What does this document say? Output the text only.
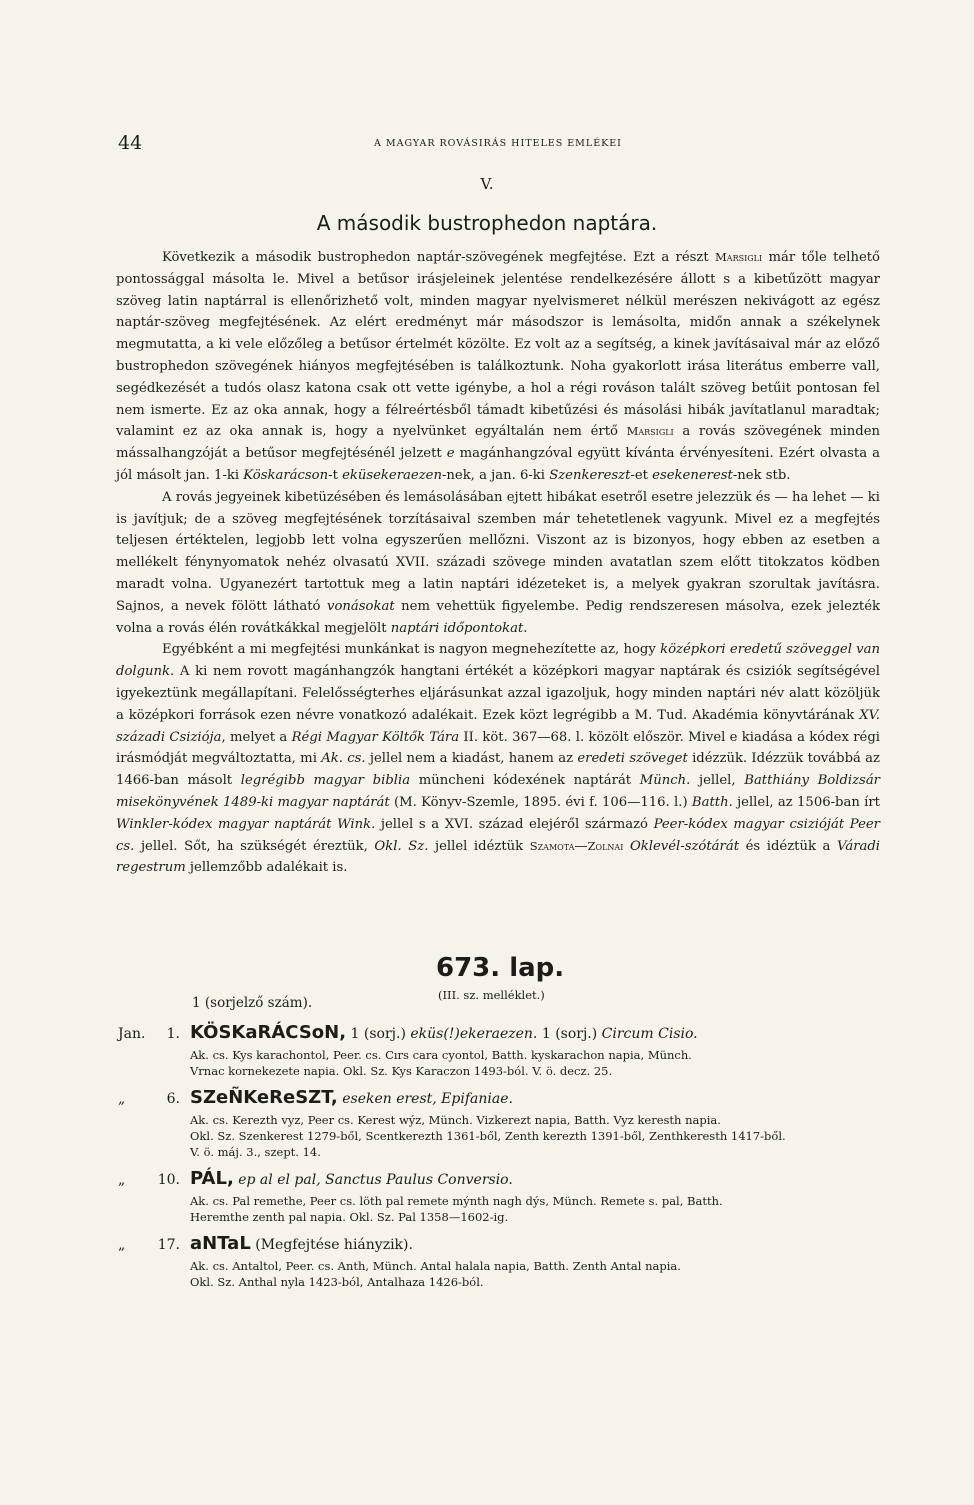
44	A MAGYAR ROVÁSIRÁS HITELES EMLÉKEI
V.
A második bustrophedon naptára.

Következik a második bustrophedon naptár-szövegének megfejtése. Ezt a részt Marsigli már tőle telhető pontossággal másolta le. Mivel a betűsor irásjeleinek jelentése rendelkezésére állott s a kibetűzött magyar szöveg latin naptárral is ellenőrizhető volt, minden magyar nyelvismeret nélkül merészen nekivágott az egész naptár-szöveg megfejtésének. Az elért eredményt már másodszor is lemásolta, midőn annak a székelynek megmutatta, a ki vele előzőleg a betűsor értelmét közölte. Ez volt az a segítség, a kinek javításaival már az előző bustrophedon szövegének hiányos megfejtésében is találkoztunk. Noha gyakorlott irása literátus emberre vall, segédkezését a tudós olasz katona csak ott vette igénybe, a hol a régi rováson talált szöveg betűit pontosan fel nem ismerte. Ez az oka annak, hogy a félreértésből támadt kibetűzési és másolási hibák javítatlanul maradtak; valamint ez az oka annak is, hogy a nyelvünket egyáltalán nem értő Marsigli a rovás szövegének minden mássalhangzóját a betűsor megfejtésénél jelzett e magánhangzóval együtt kívánta érvényesíteni. Ezért olvasta a jól másolt jan. 1-ki Köskarácson-t eküsekeraezen-nek, a jan. 6-ki Szenkereszt-et esekenerest-nek stb.

A rovás jegyeinek kibetüzésében és lemásolásában ejtett hibákat esetről esetre jelezzük és — ha lehet — ki is javítjuk; de a szöveg megfejtésének torzításaival szemben már tehetetlenek vagyunk. Mivel ez a megfejtés teljesen értéktelen, legjobb lett volna egyszerűen mellőzni. Viszont az is bizonyos, hogy ebben az esetben a mellékelt fénynyomatok nehéz olvasatú XVII. századi szövege minden avatatlan szem előtt titokzatos ködben maradt volna. Ugyanezért tartottuk meg a latin naptári idézeteket is, a melyek gyakran szorultak javításra. Sajnos, a nevek fölött látható vonásokat nem vehettük figyelembe. Pedig rendszeresen másolva, ezek jelezték volna a rovás élén rovátkákkal megjelölt naptári időpontokat.

Egyébként a mi megfejtési munkánkat is nagyon megnehezítette az, hogy középkori eredetű szöveggel van dolgunk. A ki nem rovott magánhangzók hangtani értékét a középkori magyar naptárak és csiziók segítségével igyekeztünk megállapítani. Felelősségterhes eljárásunkat azzal igazoljuk, hogy minden naptári név alatt közöljük a középkori források ezen névre vonatkozó adalékait. Ezek közt legrégibb a M. Tud. Akadémia könyvtárának XV. századi Csiziója, melyet a Régi Magyar Költők Tára II. köt. 367—68. l. közölt először. Mivel e kiadása a kódex régi irásmódját megváltoztatta, mi Ak. cs. jellel nem a kiadást, hanem az eredeti szöveget idézzük. Idézzük továbbá az 1466-ban másolt legrégibb magyar biblia müncheni kódexének naptárát Münch. jellel, Batthiány Boldizsár misekönyvének 1489-ki magyar naptárát (M. Könyv-Szemle, 1895. évi f. 106—116. l.) Batth. jellel, az 1506-ban írt Winkler-kódex magyar naptárát Wink. jellel s a XVI. század elejéről származó Peer-kódex magyar csizióját Peer cs. jellel. Sőt, ha szükségét éreztük, Okl. Sz. jellel idéztük Szamota—Zolnai Oklevél-szótárát és idéztük a Váradi regestrum jellemzőbb adalékait is.

673. lap.
(III. sz. melléklet.)
1 (sorjelző szám).
Jan.	1. KÖSKaRÁCSoN, 1 (sorj.) eküs(!)ekeraezen. 1 (sorj.) Circum Cisio.
Ak. cs. Kys karachontol, Peer. cs. Cırs cara cyontol, Batth. kyskarachon napia, Münch.
Vrnac kornekezete napia. Okl. Sz. Kys Karaczon 1493-ból. V. ö. decz. 25.
„	6. SZeÑKeReSZT, eseken erest, Epifaniae.
Ak. cs. Kerezth vyz, Peer cs. Kerest wýz, Münch. Vizkerezt napia, Batth. Vyz keresth napia.
Okl. Sz. Szenkerest 1279-ből, Scentkerezth 1361-ből, Zenth kerezth 1391-ből, Zenthkeresth 1417-ből.
V. ö. máj. 3., szept. 14.
„	10. PÁL, ep al el pal, Sanctus Paulus Conversio.
Ak. cs. Pal remethe, Peer cs. löth pal remete mýnth nagh dýs, Münch. Remete s. pal, Batth.
Heremthe zenth pal napia. Okl. Sz. Pal 1358—1602-ig.
„	17. aNTaL (Megfejtése hiányzik).
Ak. cs. Antaltol, Peer. cs. Anth, Münch. Antal halala napia, Batth. Zenth Antal napia.
Okl. Sz. Anthal nyla 1423-ból, Antalhaza 1426-ból.
